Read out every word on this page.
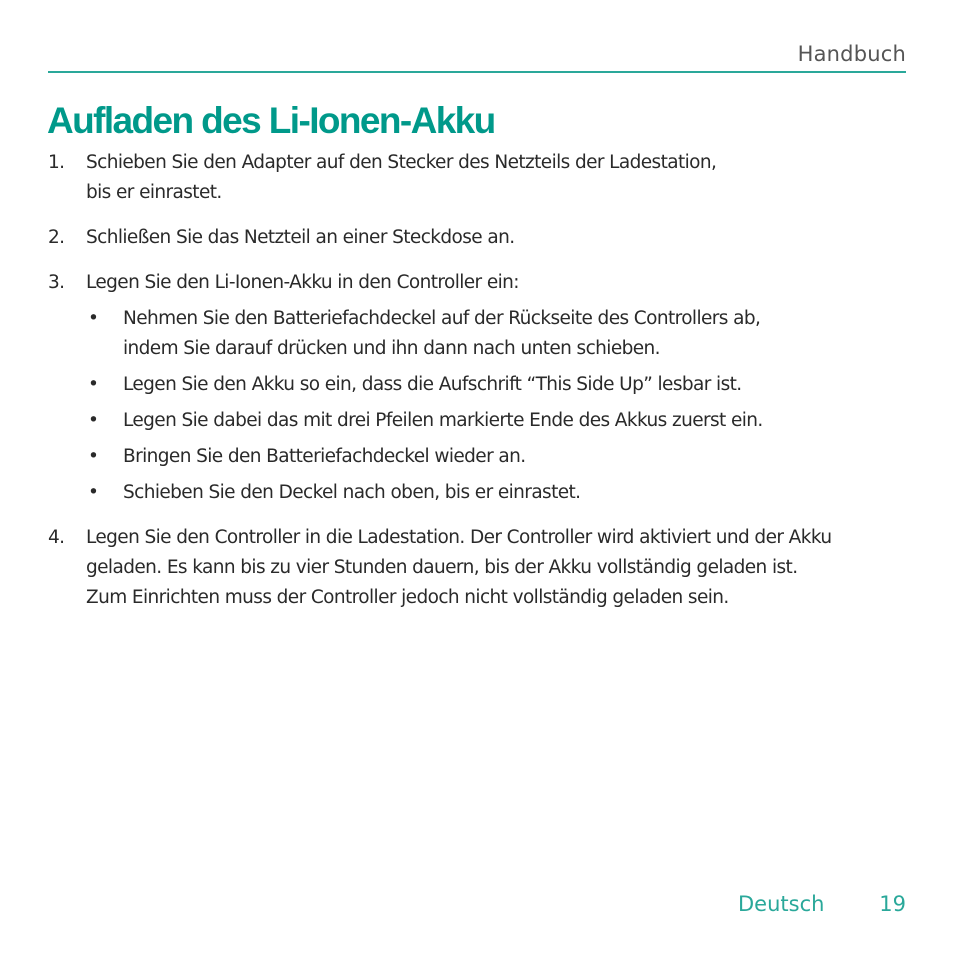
Handbuch
Aufladen des Li-Ionen-Akku
1.	Schieben Sie den Adapter auf den Stecker des Netzteils der Ladestation,
bis er einrastet.
2.	Schließen Sie das Netzteil an einer Steckdose an.
3.	Legen Sie den Li-Ionen-Akku in den Controller ein:
• Nehmen Sie den Batteriefachdeckel auf der Rückseite des Controllers ab,
indem Sie darauf drücken und ihn dann nach unten schieben.
• Legen Sie den Akku so ein, dass die Aufschrift “This Side Up” lesbar ist.
• Legen Sie dabei das mit drei Pfeilen markierte Ende des Akkus zuerst ein.
• Bringen Sie den Batteriefachdeckel wieder an.
• Schieben Sie den Deckel nach oben, bis er einrastet.
4.	Legen Sie den Controller in die Ladestation. Der Controller wird aktiviert und der Akku
geladen. Es kann bis zu vier Stunden dauern, bis der Akku vollständig geladen ist.
Zum Einrichten muss der Controller jedoch nicht vollständig geladen sein.
Deutsch	19
